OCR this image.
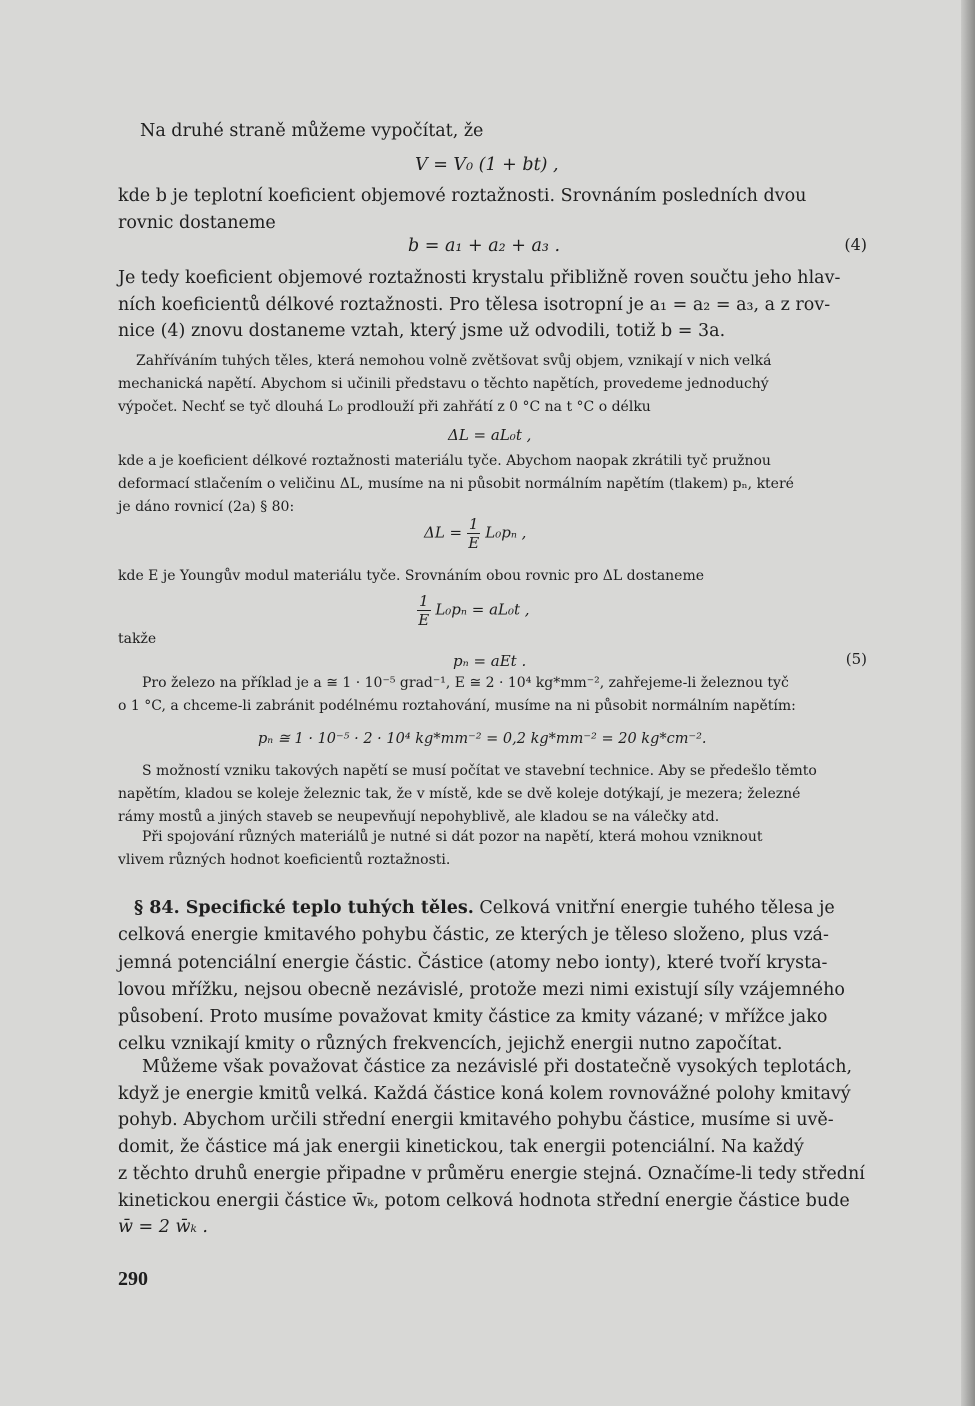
Na druhé straně můžeme vypočítat, že
V = V₀ (1 + bt) ,
kde b je teplotní koeficient objemové roztažnosti. Srovnáním posledních dvou
rovnic dostaneme
b = a₁ + a₂ + a₃ .	(4)
Je tedy koeficient objemové roztažnosti krystalu přibližně roven součtu jeho hlav-
ních koeficientů délkové roztažnosti. Pro tělesa isotropní je a₁ = a₂ = a₃, a z rov-
nice (4) znovu dostaneme vztah, který jsme už odvodili, totiž b = 3a.
Zahříváním tuhých těles, která nemohou volně zvětšovat svůj objem, vznikají v nich velká
mechanická napětí. Abychom si učinili představu o těchto napětích, provedeme jednoduchý
výpočet. Nechť se tyč dlouhá L₀ prodlouží při zahřátí z 0 °C na t °C o délku
ΔL = aL₀t ,
kde a je koeficient délkové roztažnosti materiálu tyče. Abychom naopak zkrátili tyč pružnou
deformací stlačením o veličinu ΔL, musíme na ni působit normálním napětím (tlakem) pₙ, které
je dáno rovnicí (2a) § 80:
$\Delta L = \frac{1}{E} L_0p_n$ ,
kde E je Youngův modul materiálu tyče. Srovnáním obou rovnic pro ΔL dostaneme
$\frac{1}{E} L_0p_n = aL_0t$ ,
takže
pₙ = aEt .	(5)
Pro železo na příklad je a ≅ 1 · 10⁻⁵ grad⁻¹, E ≅ 2 · 10⁴ kg*mm⁻², zahřejeme-li železnou tyč
o 1 °C, a chceme-li zabránit podélnému roztahování, musíme na ni působit normálním napětím:
pₙ ≅ 1 · 10⁻⁵ · 2 · 10⁴ kg*mm⁻² = 0,2 kg*mm⁻² = 20 kg*cm⁻².
S možností vzniku takových napětí se musí počítat ve stavební technice. Aby se předešlo těmto
napětím, kladou se koleje železnic tak, že v místě, kde se dvě koleje dotýkají, je mezera; železné
rámy mostů a jiných staveb se neupevňují nepohyblivě, ale kladou se na válečky atd.
Při spojování různých materiálů je nutné si dát pozor na napětí, která mohou vzniknout
vlivem různých hodnot koeficientů roztažnosti.
§ 84. Specifické teplo tuhých těles. Celková vnitřní energie tuhého tělesa je
celková energie kmitavého pohybu částic, ze kterých je těleso složeno, plus vzá-
jemná potenciální energie částic. Částice (atomy nebo ionty), které tvoří krysta-
lovou mřížku, nejsou obecně nezávislé, protože mezi nimi existují síly vzájemného
působení. Proto musíme považovat kmity částice za kmity vázané; v mřížce jako
celku vznikají kmity o různých frekvencích, jejichž energii nutno započítat.
Můžeme však považovat částice za nezávislé při dostatečně vysokých teplotách,
když je energie kmitů velká. Každá částice koná kolem rovnovážné polohy kmitavý
pohyb. Abychom určili střední energii kmitavého pohybu částice, musíme si uvě-
domit, že částice má jak energii kinetickou, tak energii potenciální. Na každý
z těchto druhů energie připadne v průměru energie stejná. Označíme-li tedy střední
kinetickou energii částice w̄ₖ, potom celková hodnota střední energie částice bude
w̄ = 2 w̄ₖ .
290
